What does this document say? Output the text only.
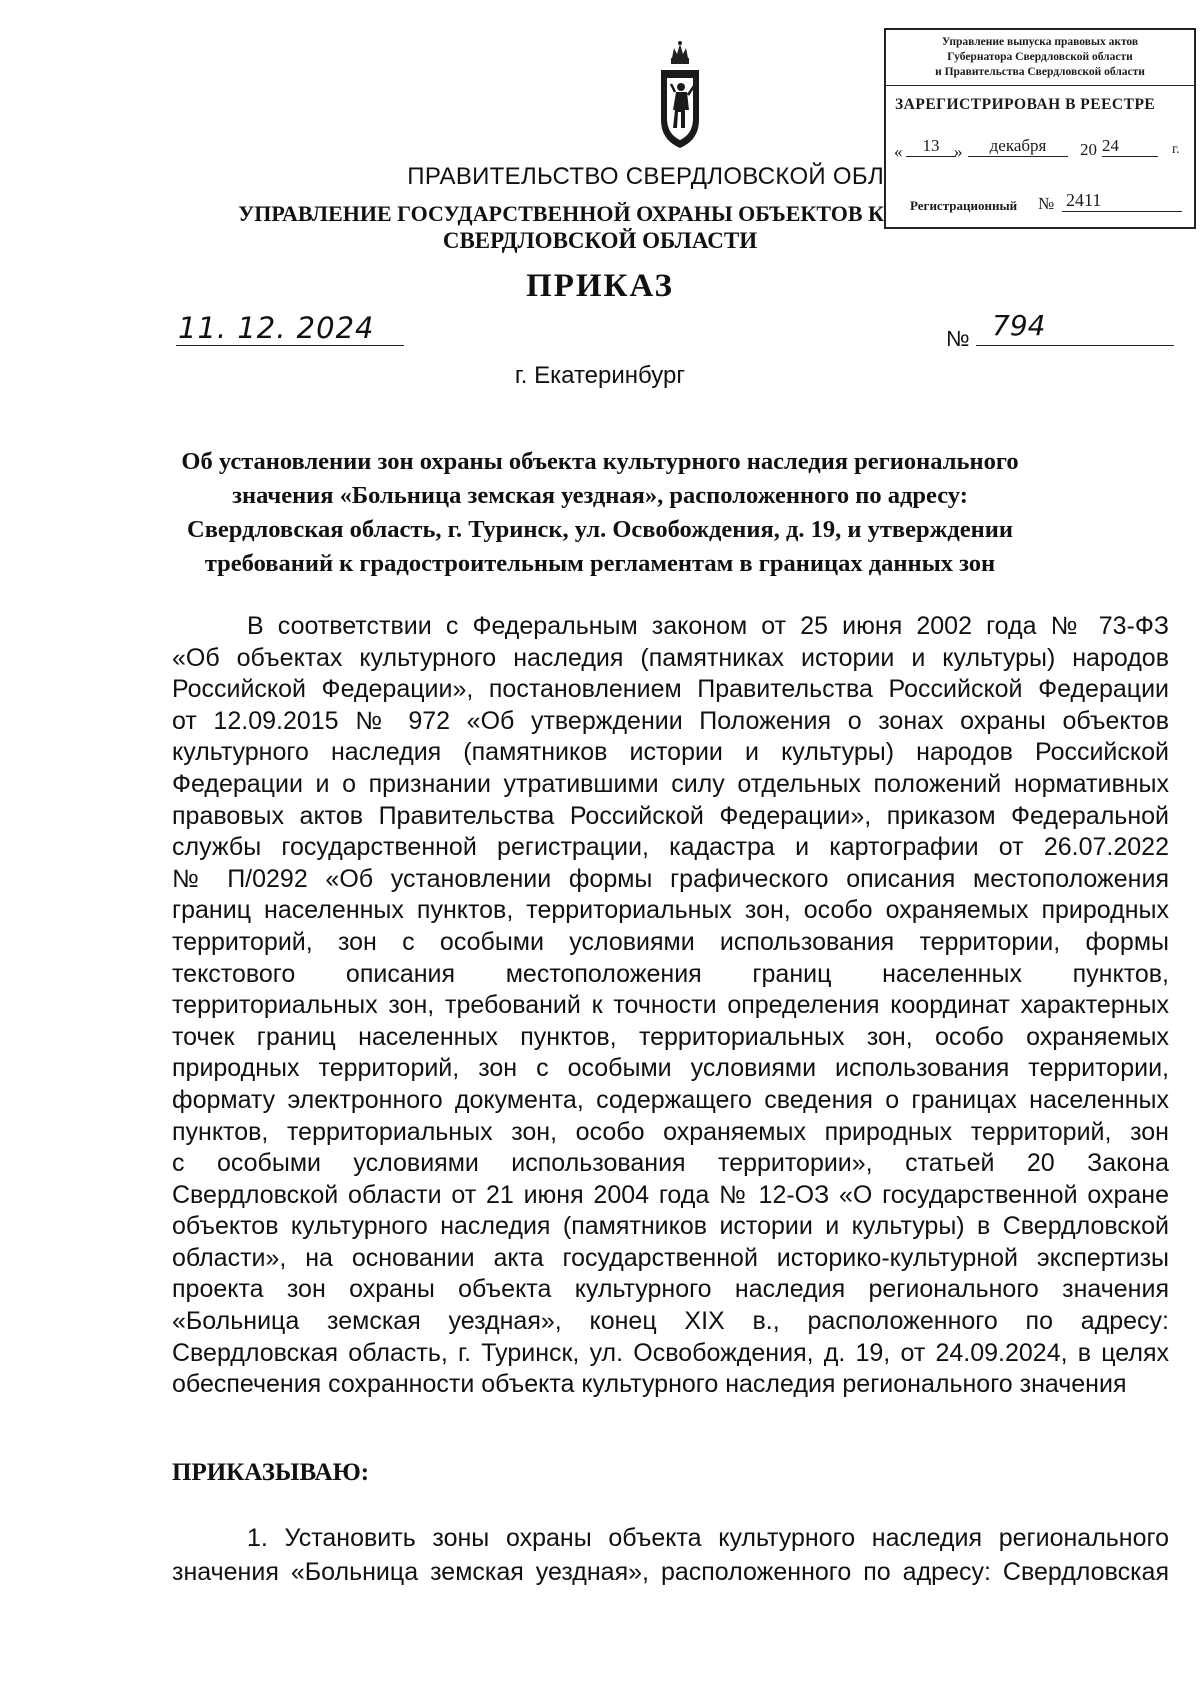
Управление выпуска правовых актов
Губернатора Свердловской области
и Правительства Свердловской области
ЗАРЕГИСТРИРОВАН В РЕЕСТРЕ
«	13 »	декабря	20 24	г.
Регистрационный № 2411
ПРАВИТЕЛЬСТВО СВЕРДЛОВСКОЙ ОБЛ
УПРАВЛЕНИЕ ГОСУДАРСТВЕННОЙ ОХРАНЫ ОБЪЕКТОВ К
СВЕРДЛОВСКОЙ ОБЛАСТИ
ПРИКАЗ
11. 12. 2024	№ 794
г. Екатеринбург
Об установлении зон охраны объекта культурного наследия регионального
значения «Больница земская уездная», расположенного по адресу:
Свердловская область, г. Туринск, ул. Освобождения, д. 19, и утверждении
требований к градостроительным регламентам в границах данных зон
В соответствии с Федеральным законом от 25 июня 2002 года № 73-ФЗ
«Об объектах культурного наследия (памятниках истории и культуры) народов
Российской Федерации», постановлением Правительства Российской Федерации
от 12.09.2015 № 972 «Об утверждении Положения о зонах охраны объектов
культурного наследия (памятников истории и культуры) народов Российской
Федерации и о признании утратившими силу отдельных положений нормативных
правовых актов Правительства Российской Федерации», приказом Федеральной
службы государственной регистрации, кадастра и картографии от 26.07.2022
№ П/0292 «Об установлении формы графического описания местоположения
границ населенных пунктов, территориальных зон, особо охраняемых природных
территорий, зон с особыми условиями использования территории, формы
текстового описания местоположения границ населенных пунктов,
территориальных зон, требований к точности определения координат характерных
точек границ населенных пунктов, территориальных зон, особо охраняемых
природных территорий, зон с особыми условиями использования территории,
формату электронного документа, содержащего сведения о границах населенных
пунктов, территориальных зон, особо охраняемых природных территорий, зон
с особыми условиями использования территории», статьей 20 Закона
Свердловской области от 21 июня 2004 года № 12-ОЗ «О государственной охране
объектов культурного наследия (памятников истории и культуры) в Свердловской
области», на основании акта государственной историко-культурной экспертизы
проекта зон охраны объекта культурного наследия регионального значения
«Больница земская уездная», конец XIX в., расположенного по адресу:
Свердловская область, г. Туринск, ул. Освобождения, д. 19, от 24.09.2024, в целях
обеспечения сохранности объекта культурного наследия регионального значения
ПРИКАЗЫВАЮ:
1. Установить зоны охраны объекта культурного наследия регионального
значения «Больница земская уездная», расположенного по адресу: Свердловская
